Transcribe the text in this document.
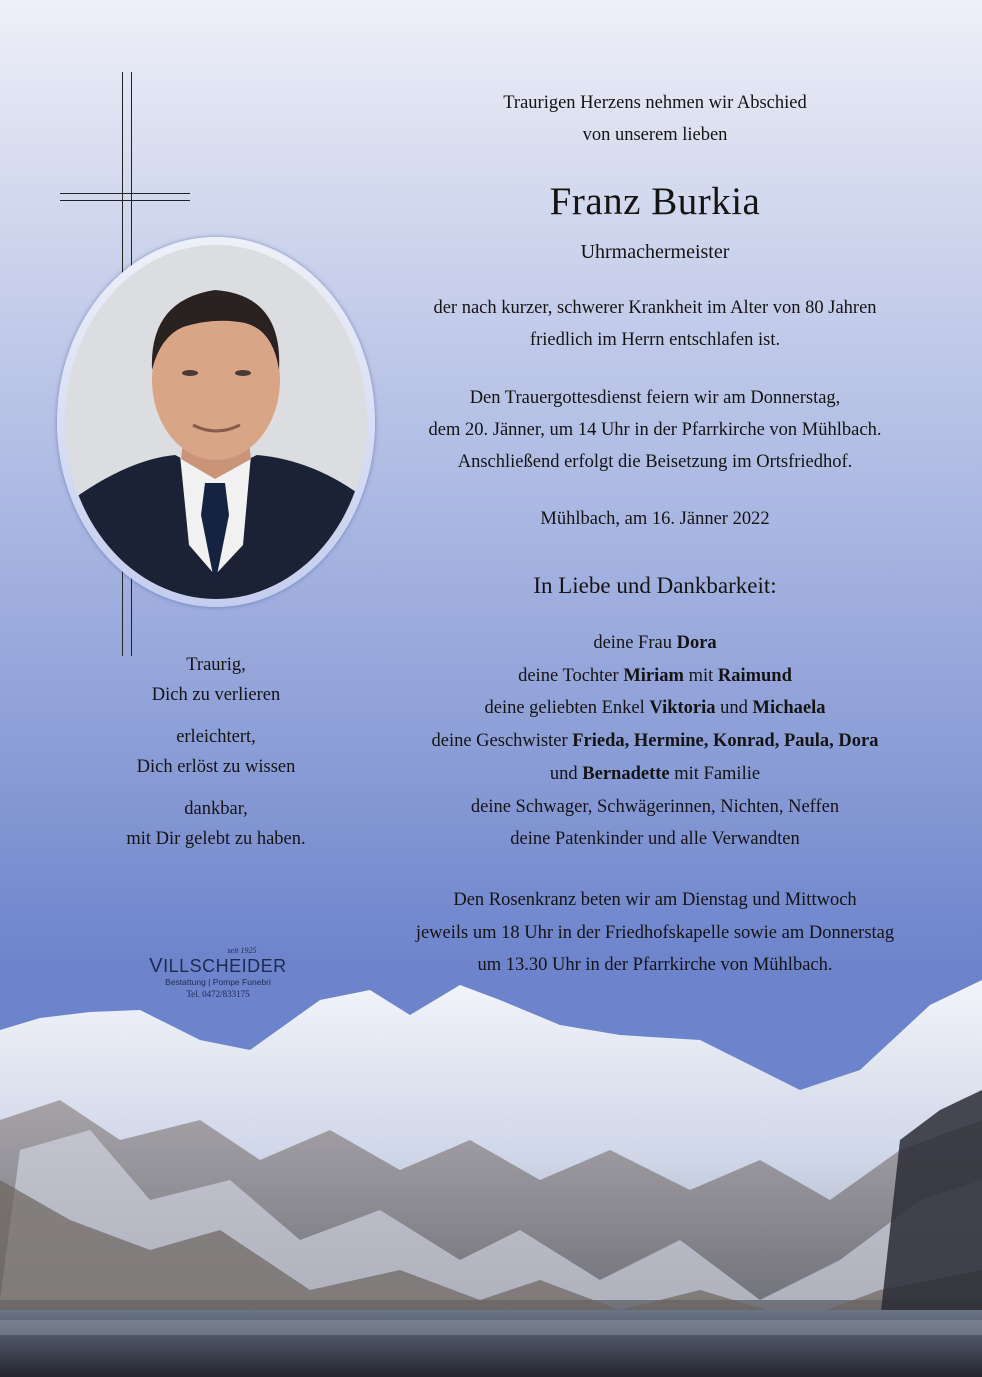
Traurigen Herzens nehmen wir Abschied
von unserem lieben
Franz Burkia
Uhrmachermeister
der nach kurzer, schwerer Krankheit im Alter von 80 Jahren
friedlich im Herrn entschlafen ist.
Den Trauergottesdienst feiern wir am Donnerstag,
dem 20. Jänner, um 14 Uhr in der Pfarrkirche von Mühlbach.
Anschließend erfolgt die Beisetzung im Ortsfriedhof.
Mühlbach, am 16. Jänner 2022
In Liebe und Dankbarkeit:
deine Frau Dora
deine Tochter Miriam mit Raimund
deine geliebten Enkel Viktoria und Michaela
deine Geschwister Frieda, Hermine, Konrad, Paula, Dora
und Bernadette mit Familie
deine Schwager, Schwägerinnen, Nichten, Neffen
deine Patenkinder und alle Verwandten
Den Rosenkranz beten wir am Dienstag und Mittwoch
jeweils um 18 Uhr in der Friedhofskapelle sowie am Donnerstag
um 13.30 Uhr in der Pfarrkirche von Mühlbach.

Traurig,
Dich zu verlieren

erleichtert,
Dich erlöst zu wissen

dankbar,
mit Dir gelebt zu haben.

seit 1925
VILLSCHEIDER
Bestattung | Pompe Funebri
Tel. 0472/833175
